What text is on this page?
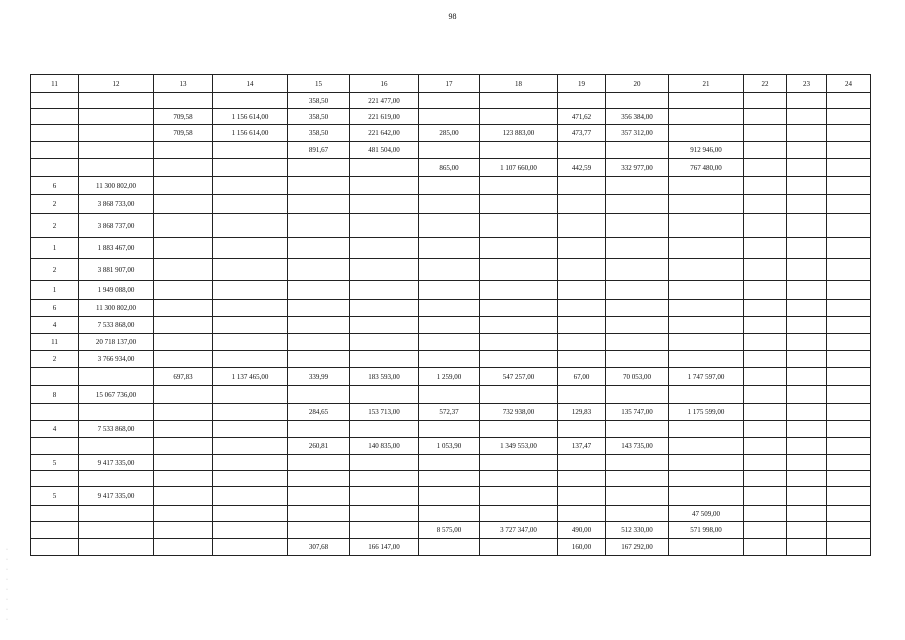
98
11	12	13	14	15	16	17	18	19	20	21	22	23	24
				358,50	221 477,00								
		709,58	1 156 614,00	358,50	221 619,00			471,62	356 384,00				
		709,58	1 156 614,00	358,50	221 642,00	285,00	123 883,00	473,77	357 312,00				
				891,67	481 504,00					912 946,00			
						865,00	1 107 660,00	442,59	332 977,00	767 480,00			
6	11 300 802,00												
2	3 868 733,00												
2	3 868 737,00												
1	1 883 467,00												
2	3 881 907,00												
1	1 949 088,00												
6	11 300 802,00												
4	7 533 868,00												
11	20 718 137,00												
2	3 766 934,00												
		697,83	1 137 465,00	339,99	183 593,00	1 259,00	547 257,00	67,00	70 053,00	1 747 597,00			
8	15 067 736,00												
				284,65	153 713,00	572,37	732 938,00	129,83	135 747,00	1 175 599,00			
4	7 533 868,00												
				260,81	140 835,00	1 053,90	1 349 553,00	137,47	143 735,00				
5	9 417 335,00												

5	9 417 335,00												
										47 509,00			
						8 575,00	3 727 347,00	490,00	512 330,00	571 998,00			
				307,68	166 147,00			160,00	167 292,00				
·
·
·
·
·
·
·
·
